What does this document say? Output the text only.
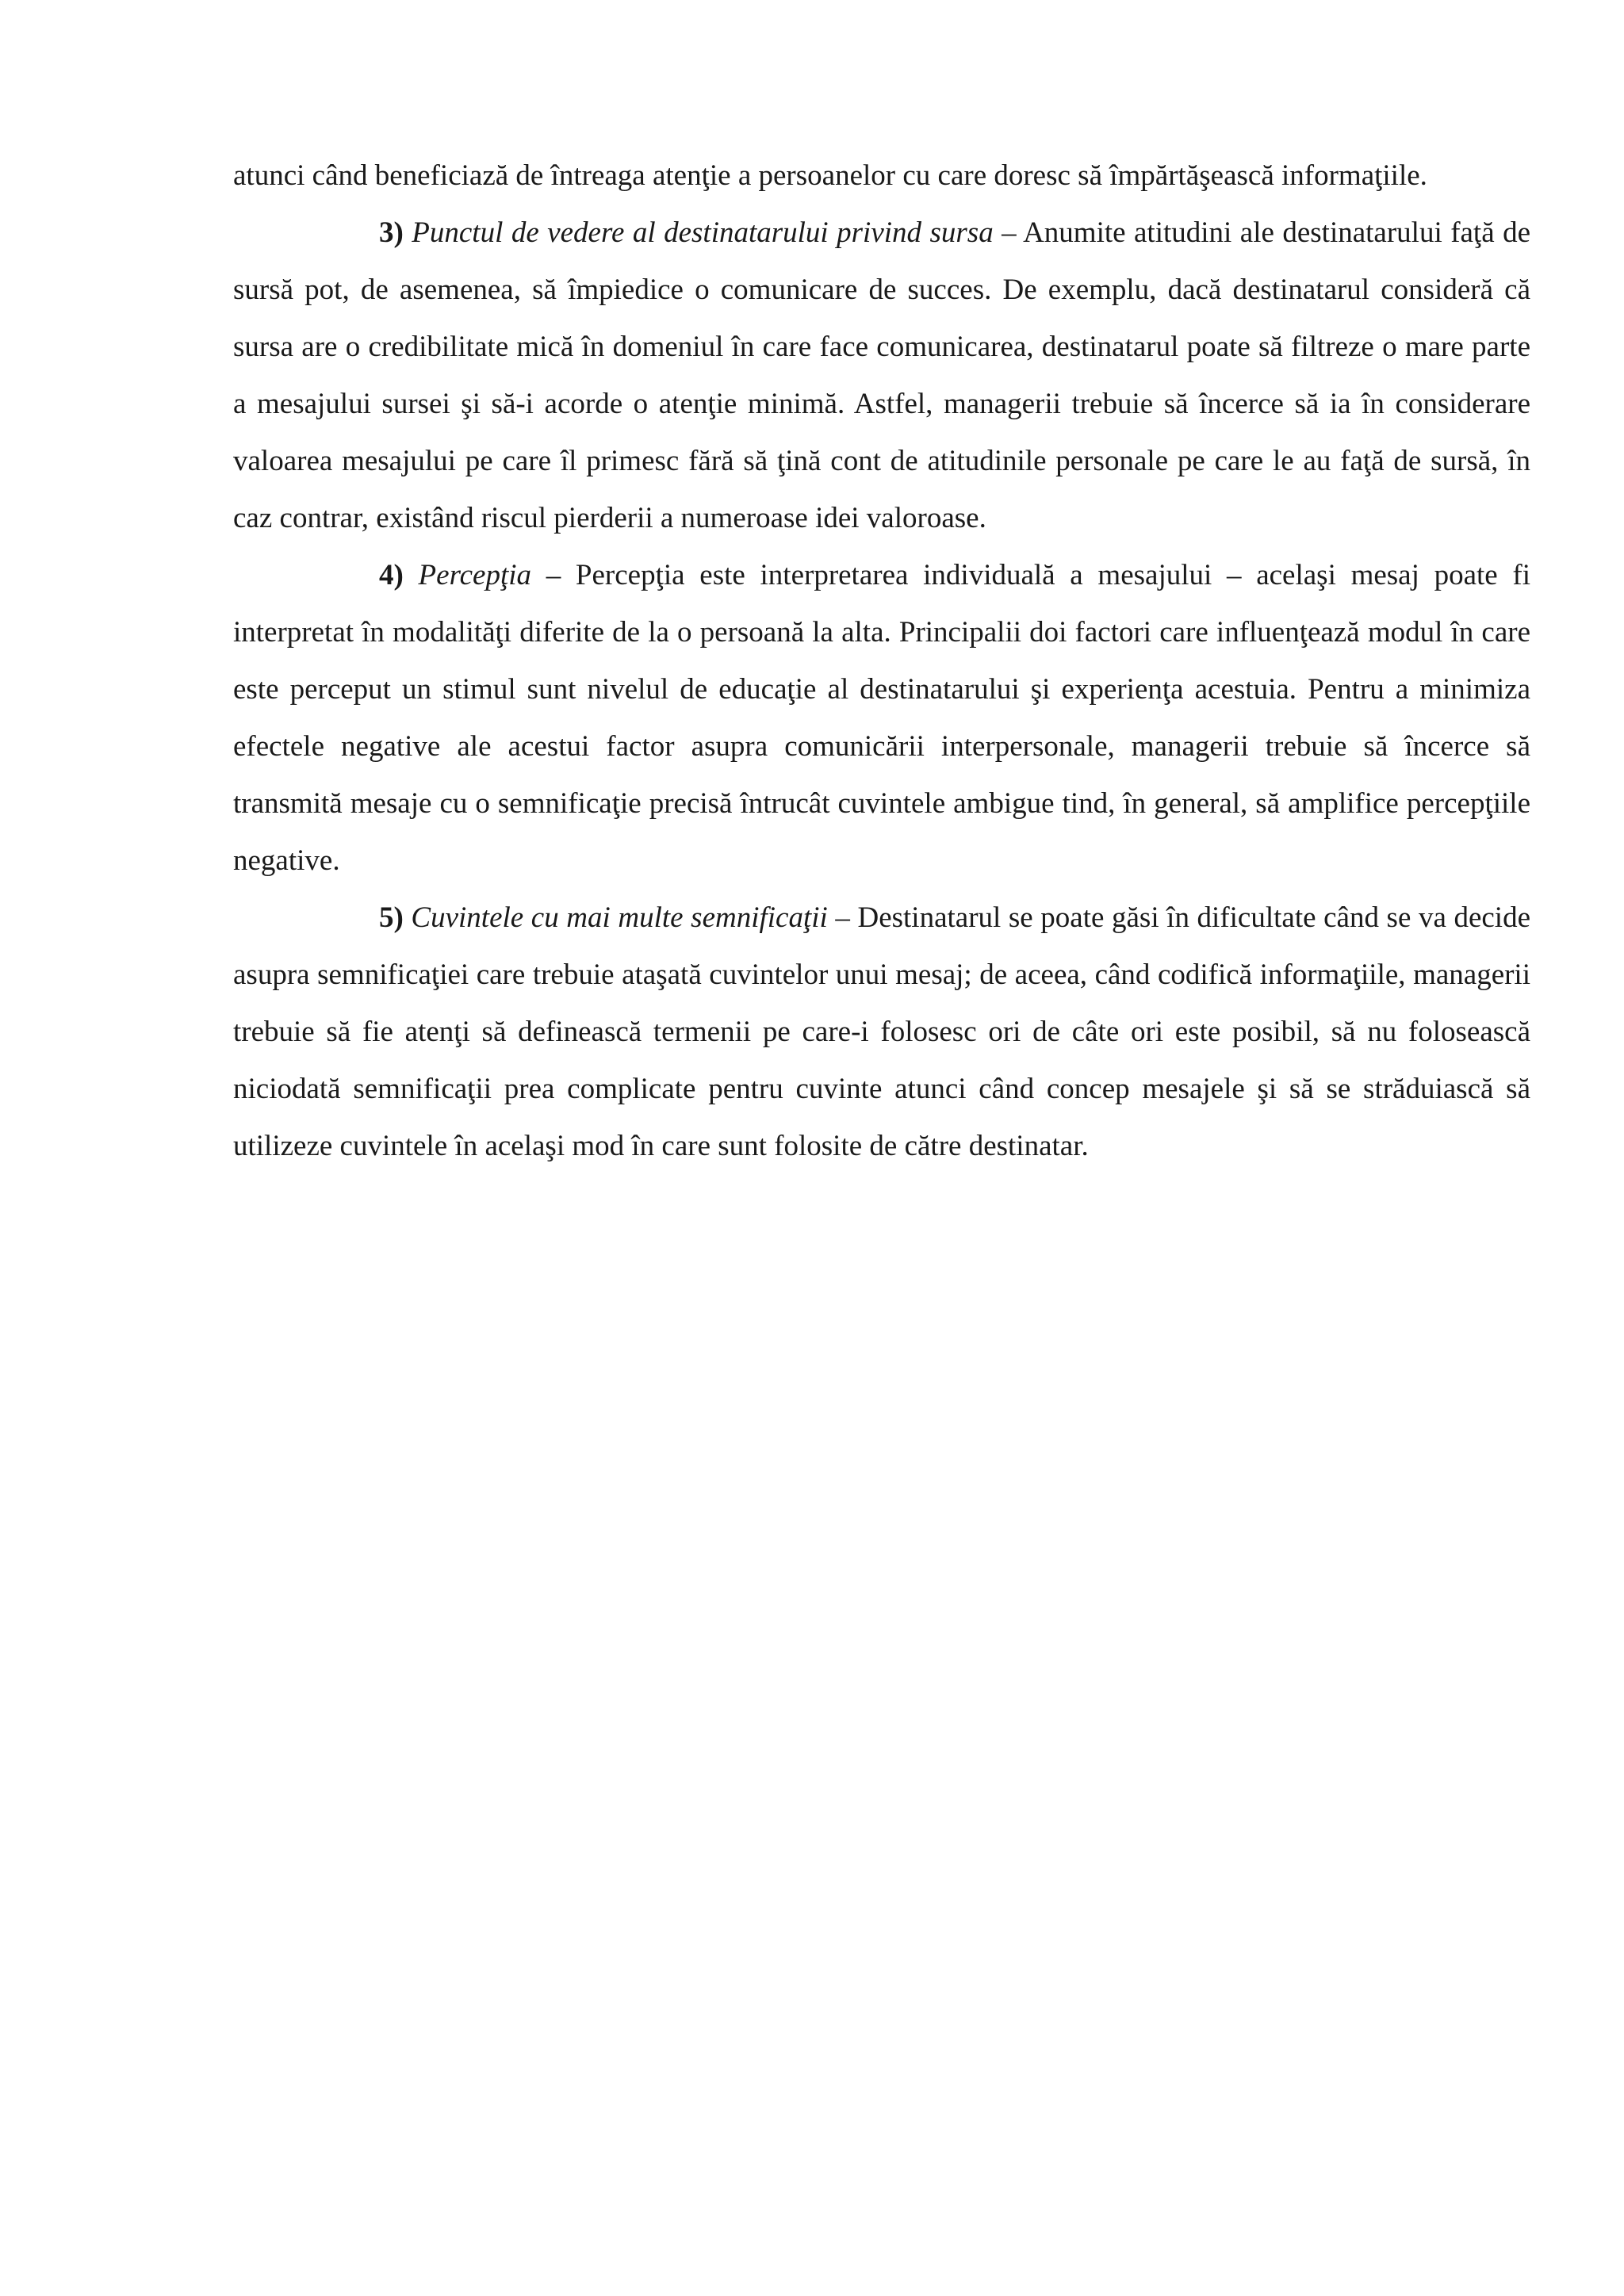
atunci când beneficiază de întreaga atenţie a persoanelor cu care doresc să împărtăşească informaţiile.

3) Punctul de vedere al destinatarului privind sursa – Anumite atitudini ale destinatarului faţă de sursă pot, de asemenea, să împiedice o comunicare de succes. De exemplu, dacă destinatarul consideră că sursa are o credibilitate mică în domeniul în care face comunicarea, destinatarul poate să filtreze o mare parte a mesajului sursei şi să-i acorde o atenţie minimă. Astfel, managerii trebuie să încerce să ia în considerare valoarea mesajului pe care îl primesc fără să ţină cont de atitudinile personale pe care le au faţă de sursă, în caz contrar, existând riscul pierderii a numeroase idei valoroase.

4) Percepţia – Percepţia este interpretarea individuală a mesajului – acelaşi mesaj poate fi interpretat în modalităţi diferite de la o persoană la alta. Principalii doi factori care influenţează modul în care este perceput un stimul sunt nivelul de educaţie al destinatarului şi experienţa acestuia. Pentru a minimiza efectele negative ale acestui factor asupra comunicării interpersonale, managerii trebuie să încerce să transmită mesaje cu o semnificaţie precisă întrucât cuvintele ambigue tind, în general, să amplifice percepţiile negative.

5) Cuvintele cu mai multe semnificaţii – Destinatarul se poate găsi în dificultate când se va decide asupra semnificaţiei care trebuie ataşată cuvintelor unui mesaj; de aceea, când codifică informaţiile, managerii trebuie să fie atenţi să definească termenii pe care-i folosesc ori de câte ori este posibil, să nu folosească niciodată semnificaţii prea complicate pentru cuvinte atunci când concep mesajele şi să se străduiască să utilizeze cuvintele în acelaşi mod în care sunt folosite de către destinatar.
